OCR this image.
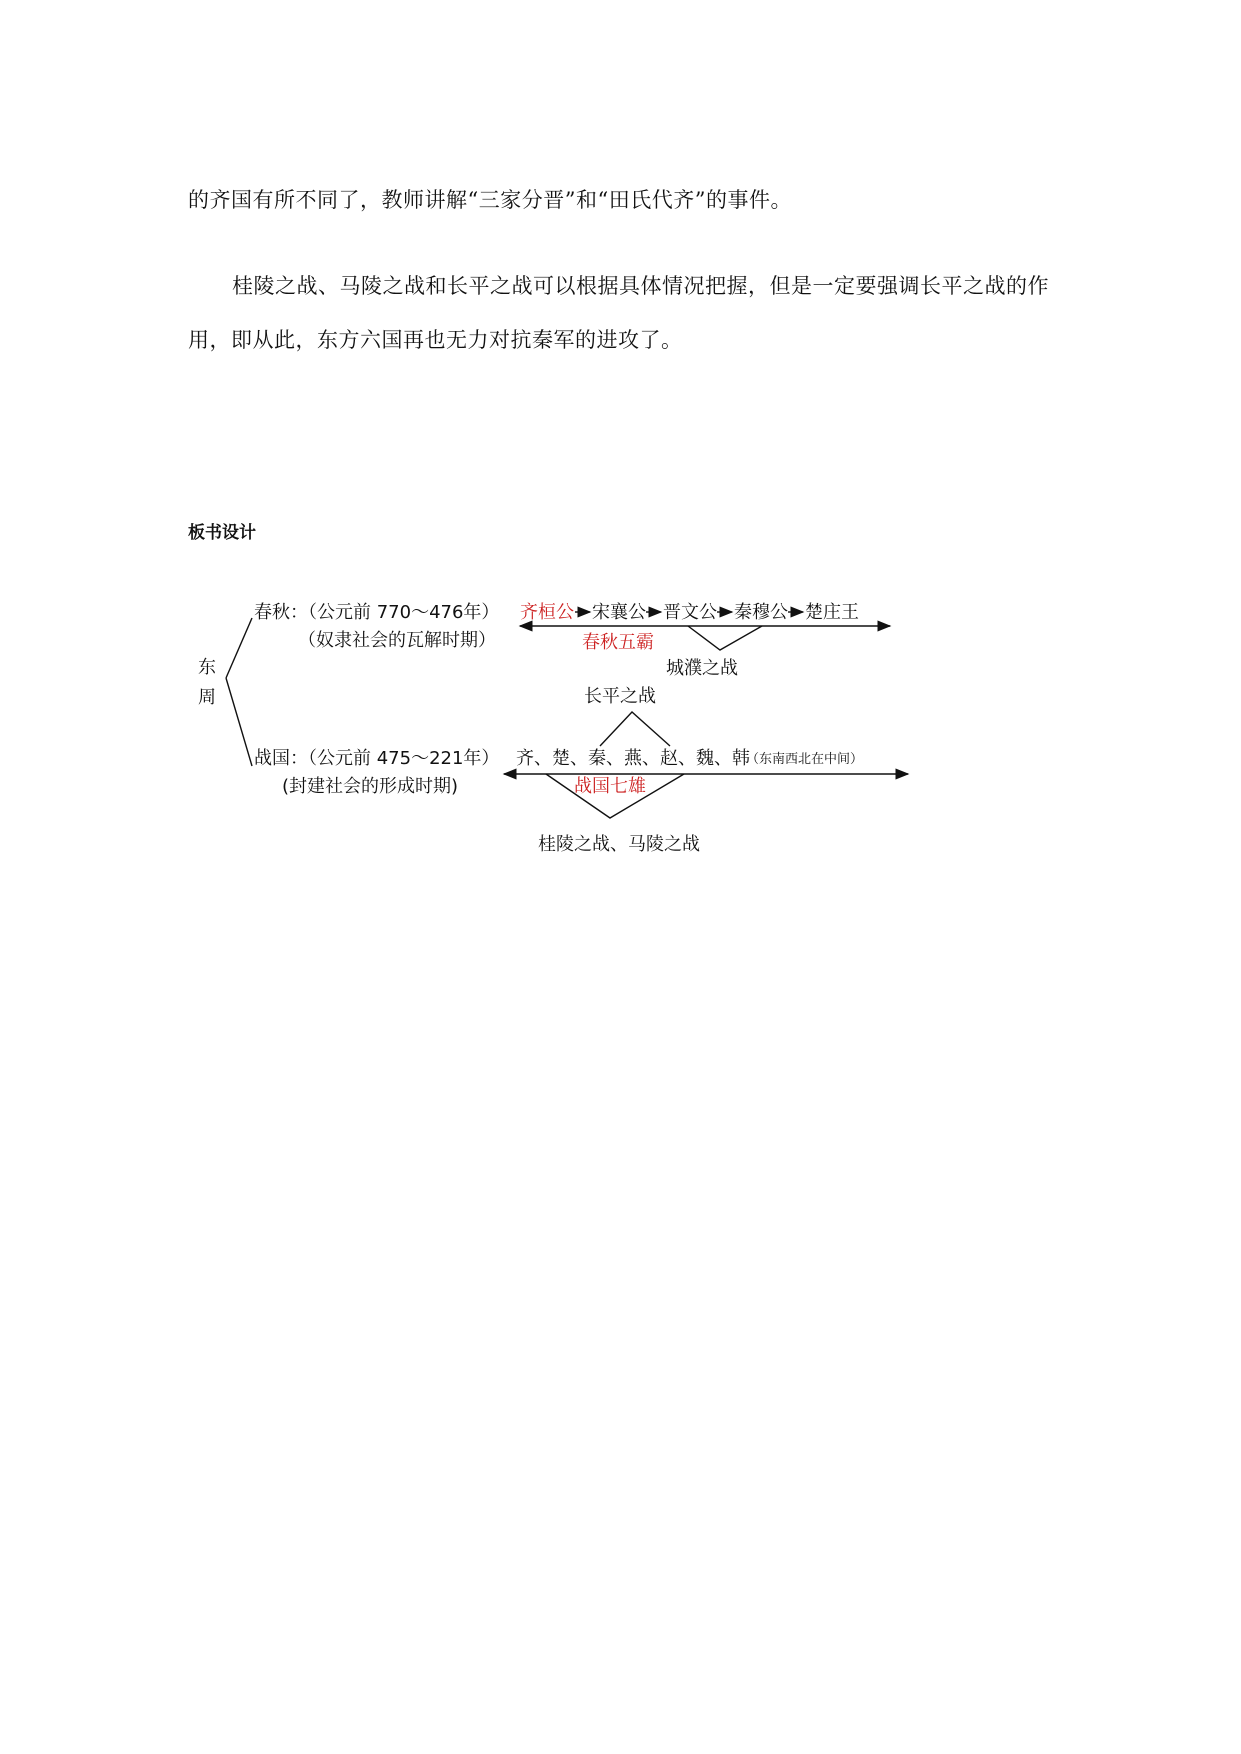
的齐国有所不同了，教师讲解“三家分晋”和“田氏代齐”的事件。

桂陵之战、马陵之战和长平之战可以根据具体情况把握，但是一定要强调长平之战的作用，即从此，东方六国再也无力对抗秦军的进攻了。

板书设计
东
周
春秋：（公元前 770～476年）
（奴隶社会的瓦解时期）
齐桓公 宋襄公 晋文公 秦穆公 楚庄王
春秋五霸
城濮之战
长平之战
战国：（公元前 475～221年） 齐、楚、秦、燕、赵、魏、韩
（东南西北在中间）
(封建社会的形成时期)	战国七雄
桂陵之战、马陵之战
